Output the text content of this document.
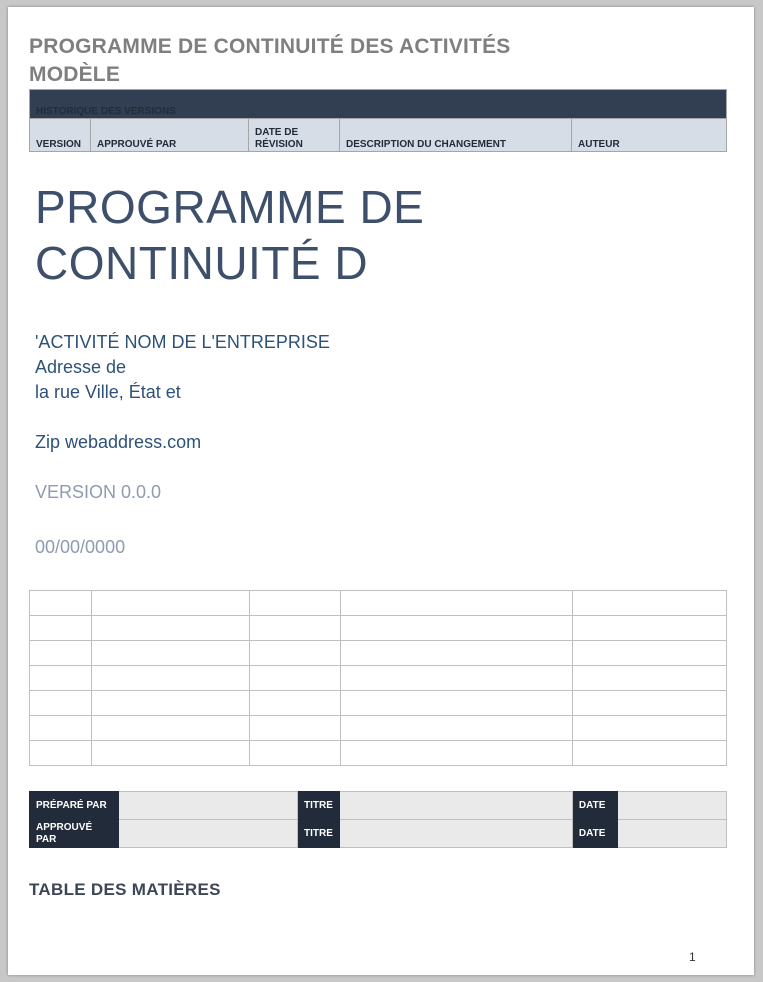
PROGRAMME DE CONTINUITÉ DES ACTIVITÉS
MODÈLE
HISTORIQUE DES VERSIONS
VERSION	APPROUVÉ PAR	DATE DE RÉVISION	DESCRIPTION DU CHANGEMENT	AUTEUR
PROGRAMME DE
CONTINUITÉ D
'ACTIVITÉ NOM DE L'ENTREPRISE
Adresse de
la rue Ville, État et
Zip webaddress.com
VERSION 0.0.0
00/00/0000

PRÉPARÉ PAR		TITRE		DATE	
APPROUVÉ PAR		TITRE		DATE	
TABLE DES MATIÈRES
1
